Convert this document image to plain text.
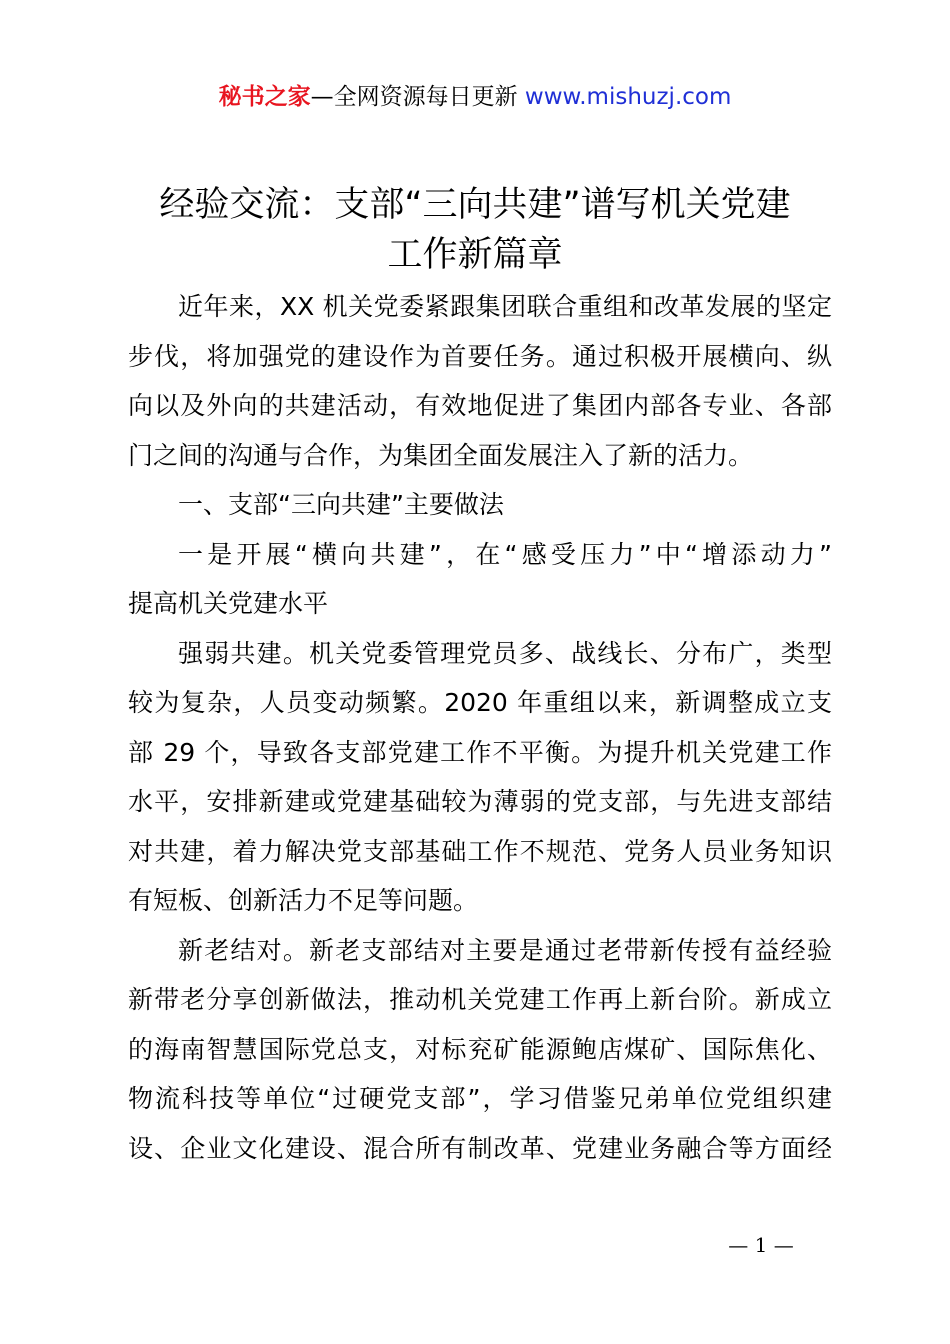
秘书之家—全网资源每日更新 www.mishuzj.com
经验交流：支部“三向共建”谱写机关党建
工作新篇章

近年来，XX 机关党委紧跟集团联合重组和改革发展的坚定
步伐，将加强党的建设作为首要任务。通过积极开展横向、纵
向以及外向的共建活动，有效地促进了集团内部各专业、各部
门之间的沟通与合作，为集团全面发展注入了新的活力。

一、支部“三向共建”主要做法

一是开展“横向共建”，在“感受压力”中“增添动力”
提高机关党建水平

强弱共建。机关党委管理党员多、战线长、分布广，类型
较为复杂，人员变动频繁。2020 年重组以来，新调整成立支
部 29 个，导致各支部党建工作不平衡。为提升机关党建工作
水平，安排新建或党建基础较为薄弱的党支部，与先进支部结
对共建，着力解决党支部基础工作不规范、党务人员业务知识
有短板、创新活力不足等问题。

新老结对。新老支部结对主要是通过老带新传授有益经验
新带老分享创新做法，推动机关党建工作再上新台阶。新成立
的海南智慧国际党总支，对标兖矿能源鲍店煤矿、国际焦化、
物流科技等单位“过硬党支部”，学习借鉴兄弟单位党组织建
设、企业文化建设、混合所有制改革、党建业务融合等方面经

— 1 —
